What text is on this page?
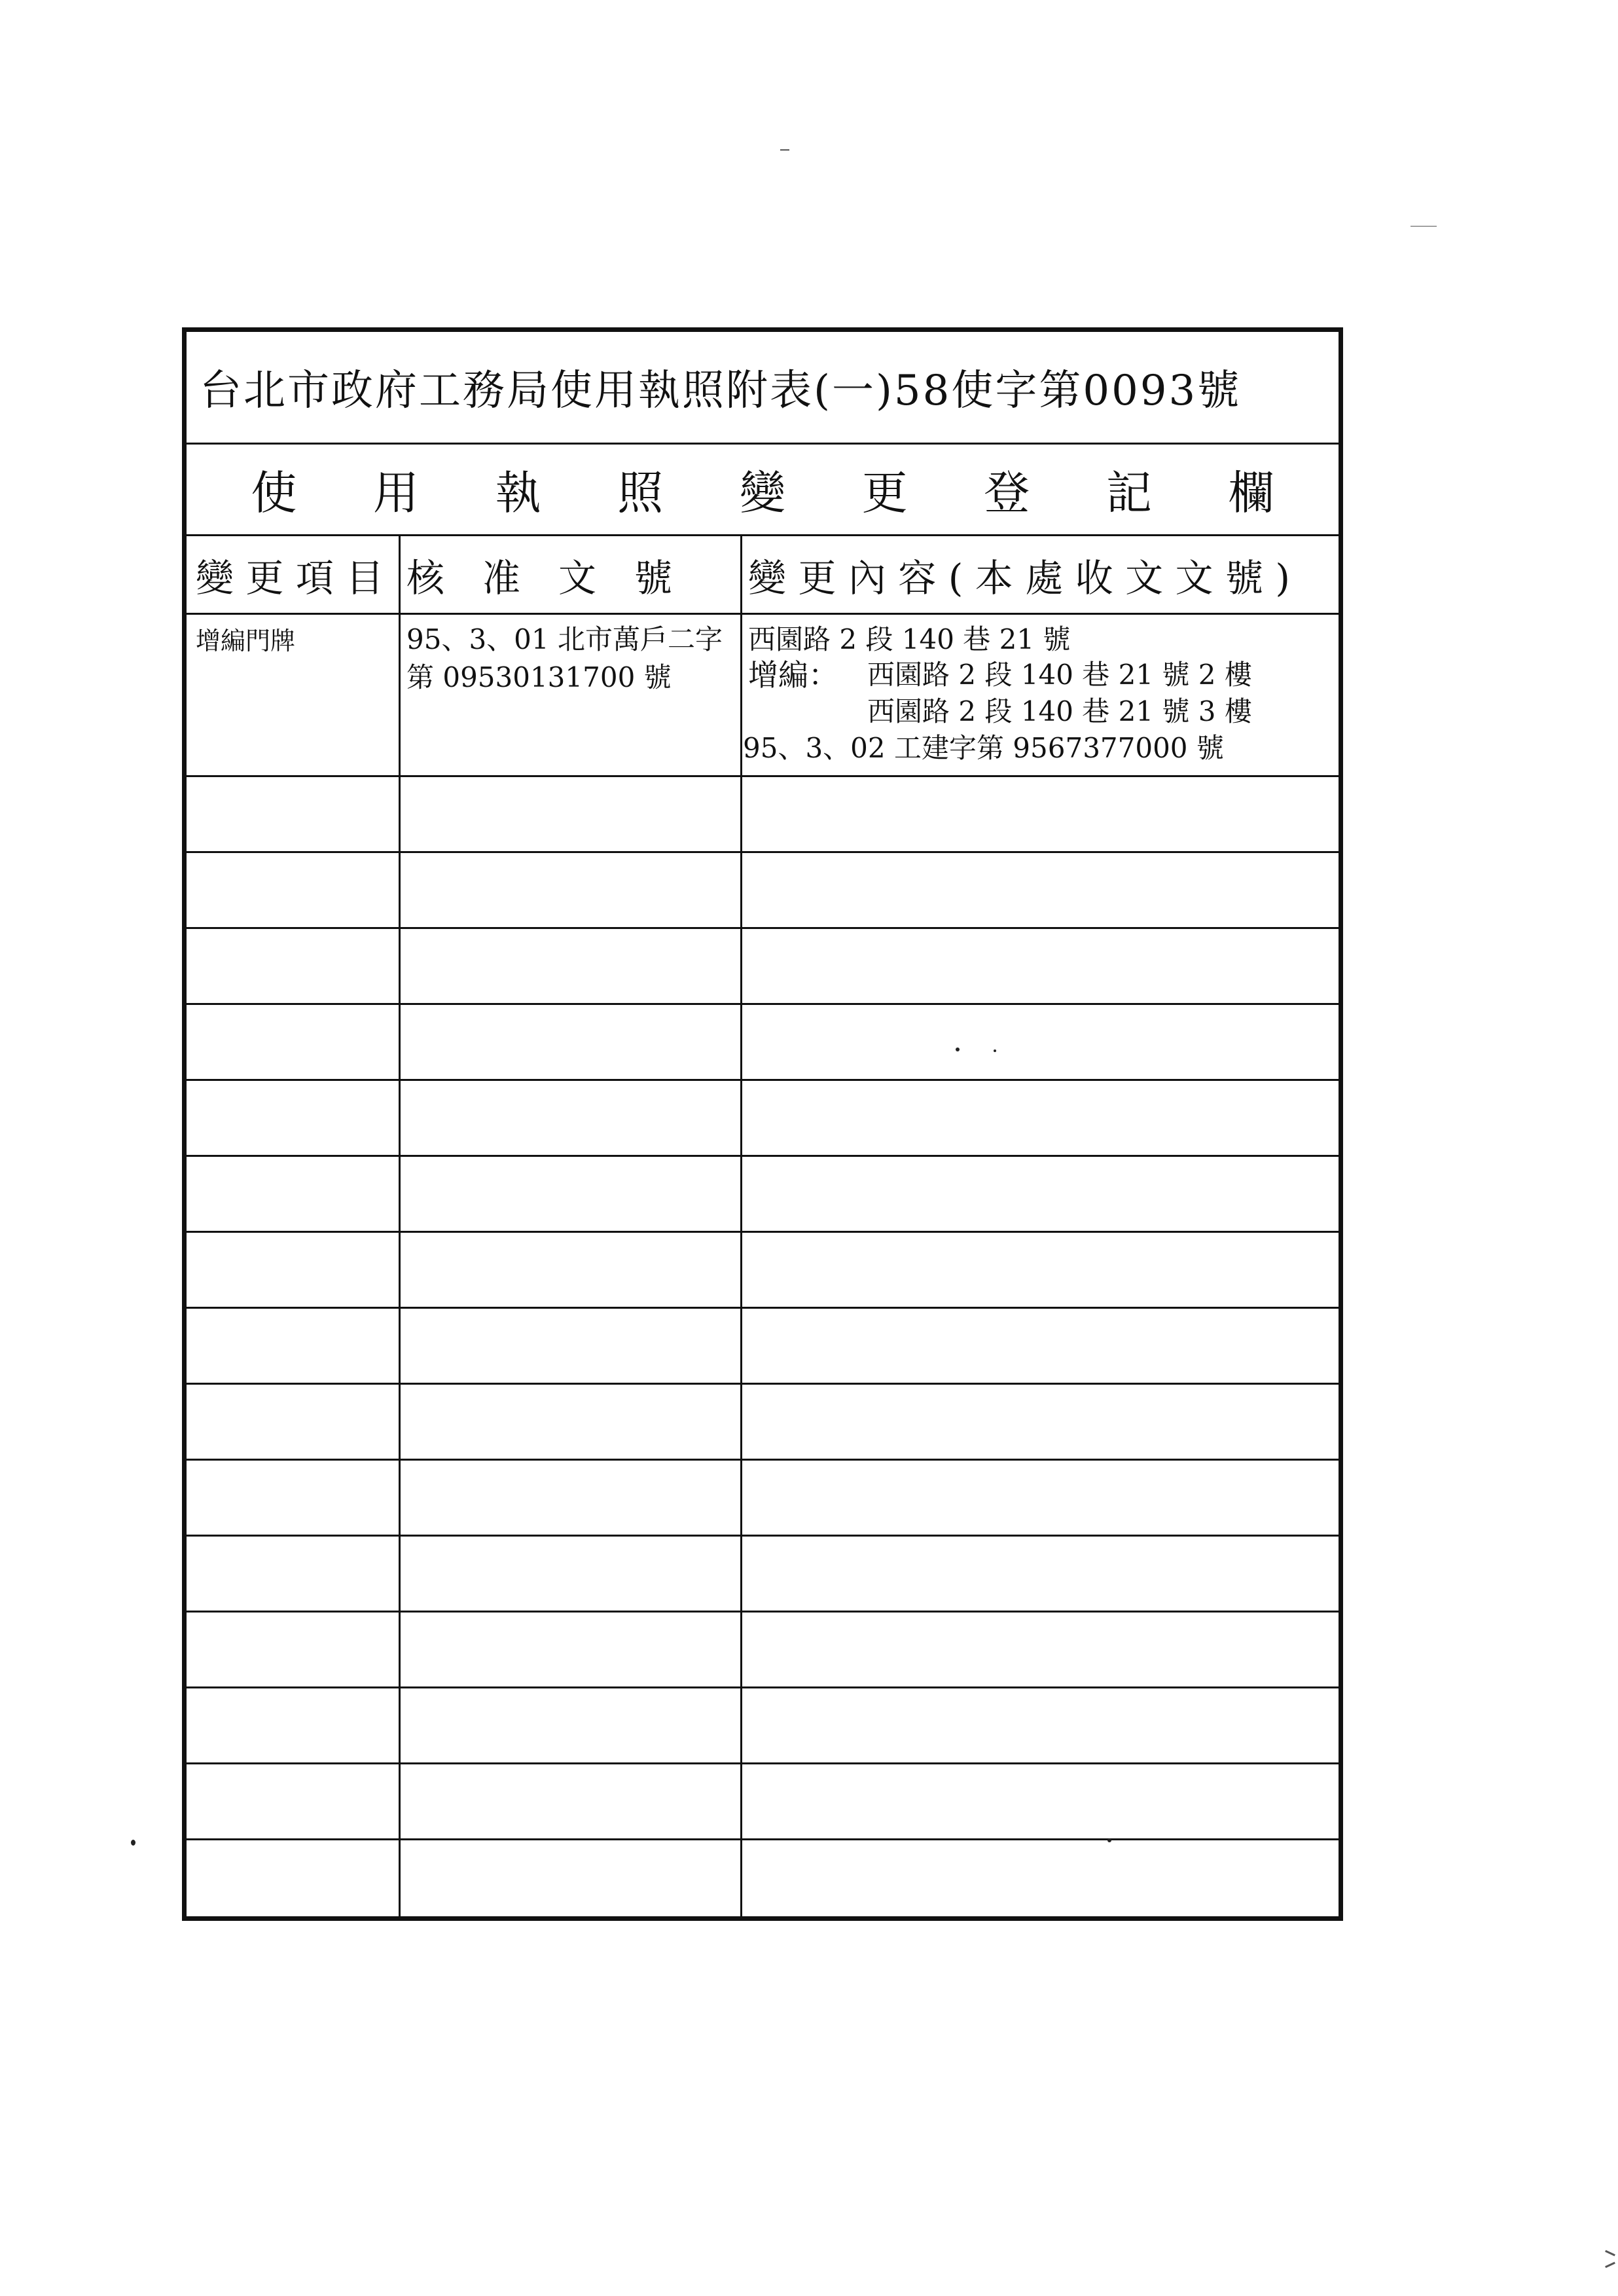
台北市政府工務局使用執照附表(一)58使字第0093號
使 用 執 照 變 更 登 記 欄
變 更 項 目 核　准　文　號	變 更 內 容 ( 本 處 收 文 文 號 )
增編門牌	95、3、01 北市萬戶二字
第 09530131700 號
西園路 2 段 140 巷 21 號
增編： 西園路 2 段 140 巷 21 號 2 樓
西園路 2 段 140 巷 21 號 3 樓
95、3、02 工建字第 9567377000 號
